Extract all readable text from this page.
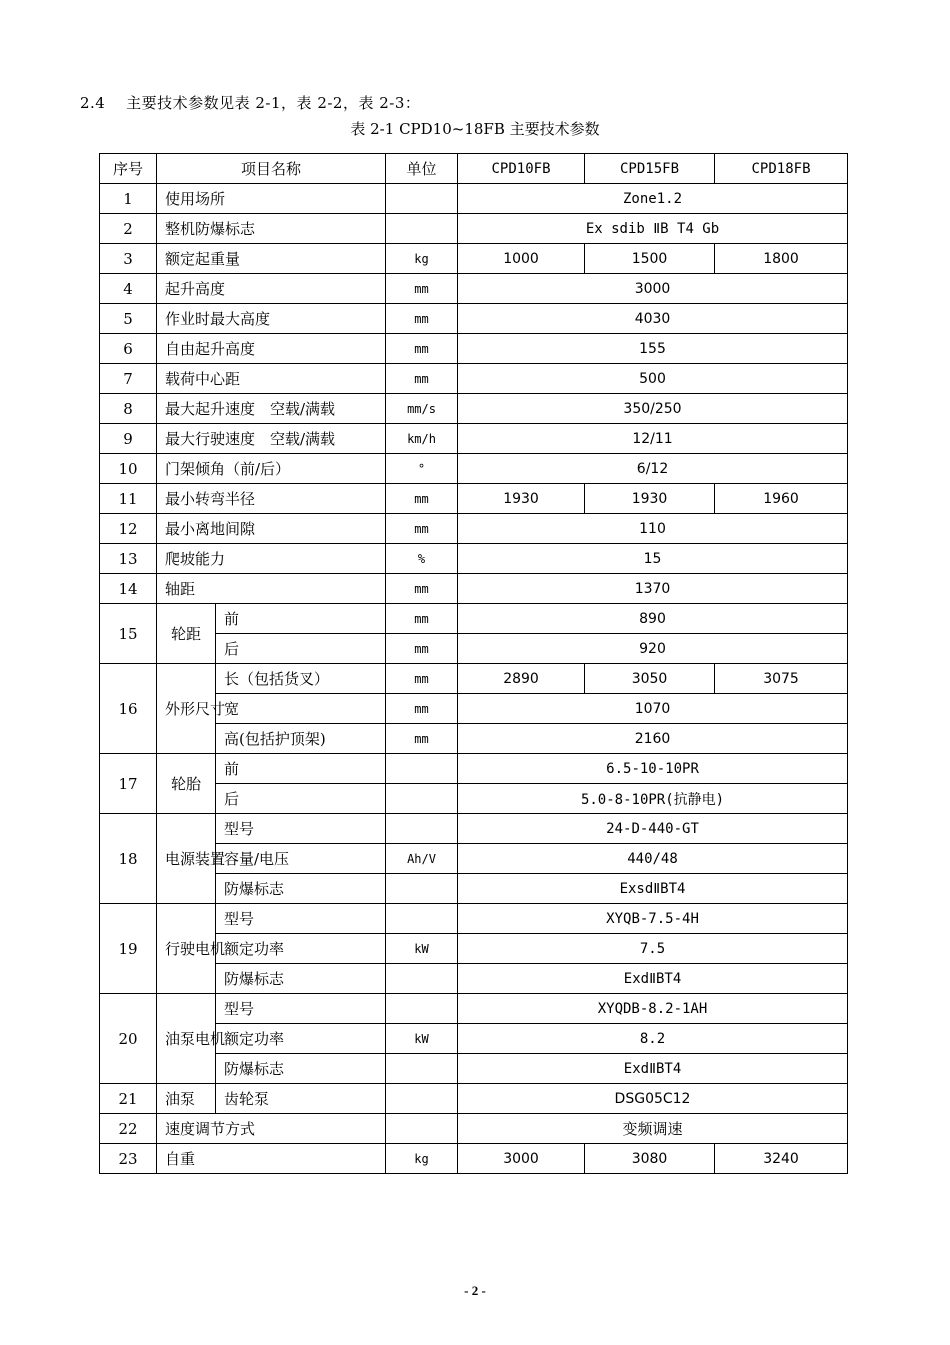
2.4　 主要技术参数见表 2-1，表 2-2，表 2-3：
表 2-1 CPD10~18FB 主要技术参数
序号	项目名称		单位	CPD10FB	CPD15FB	CPD18FB
1	使用场所			Zone1.2		
2	整机防爆标志			Ex sdib ⅡB T4 Gb		
3	额定起重量		kg	1000	1500	1800
4	起升高度		mm	3000		
5	作业时最大高度		mm	4030		
6	自由起升高度		mm	155		
7	载荷中心距		mm	500		
8	最大起升速度　空载/满载		mm/s	350/250		
9	最大行驶速度　空载/满载		km/h	12/11		
10	门架倾角（前/后）		°	6/12		
11	最小转弯半径		mm	1930	1930	1960
12	最小离地间隙		mm	110		
13	爬坡能力		%	15		
14	轴距		mm	1370		
15	轮距	前	mm	890		
		后	mm	920		
16	外形尺寸	长（包括货叉）	mm	2890	3050	3075
		宽	mm	1070		
		高(包括护顶架)	mm	2160		
17	轮胎	前		6.5-10-10PR		
		后		5.0-8-10PR(抗静电)		
18	电源装置	型号		24-D-440-GT		
		容量/电压	Ah/V	440/48		
		防爆标志		ExsdⅡBT4		
19	行驶电机	型号		XYQB-7.5-4H		
		额定功率	kW	7.5		
		防爆标志		ExdⅡBT4		
20	油泵电机	型号		XYQDB-8.2-1AH		
		额定功率	kW	8.2		
		防爆标志		ExdⅡBT4		
21	油泵	齿轮泵		DSG05C12		
22	速度调节方式			变频调速		
23	自重		kg	3000	3080	3240
- 2 -
